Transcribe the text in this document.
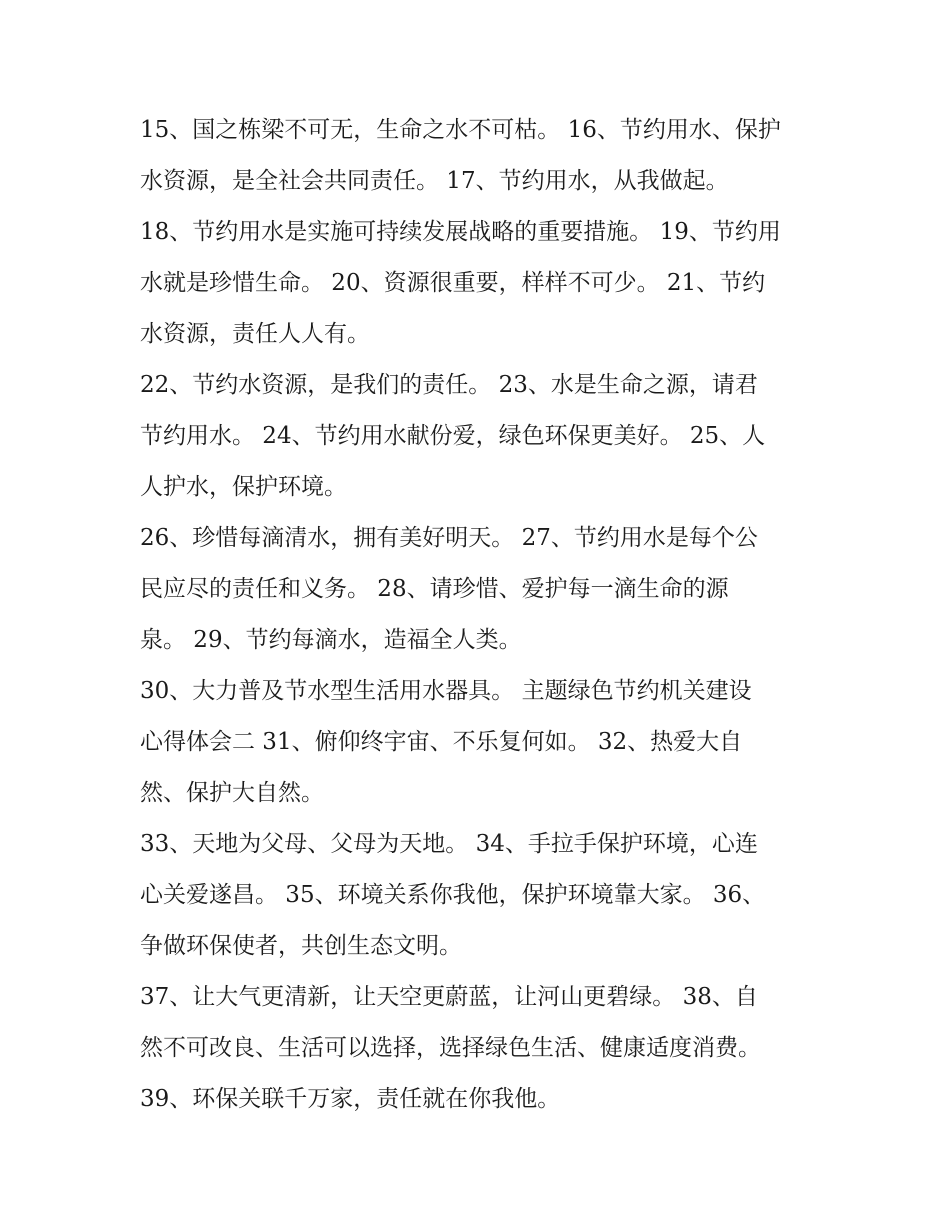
15、国之栋梁不可无，生命之水不可枯。 16、节约用水、保护
水资源，是全社会共同责任。 17、节约用水，从我做起。
18、节约用水是实施可持续发展战略的重要措施。 19、节约用
水就是珍惜生命。 20、资源很重要，样样不可少。 21、节约
水资源，责任人人有。
22、节约水资源，是我们的责任。 23、水是生命之源，请君
节约用水。 24、节约用水献份爱，绿色环保更美好。 25、人
人护水，保护环境。
26、珍惜每滴清水，拥有美好明天。 27、节约用水是每个公
民应尽的责任和义务。 28、请珍惜、爱护每一滴生命的源
泉。 29、节约每滴水，造福全人类。
30、大力普及节水型生活用水器具。 主题绿色节约机关建设
心得体会二 31、俯仰终宇宙、不乐复何如。 32、热爱大自
然、保护大自然。
33、天地为父母、父母为天地。 34、手拉手保护环境，心连
心关爱遂昌。 35、环境关系你我他，保护环境靠大家。 36、
争做环保使者，共创生态文明。
37、让大气更清新，让天空更蔚蓝，让河山更碧绿。 38、自
然不可改良、生活可以选择，选择绿色生活、健康适度消费。
39、环保关联千万家，责任就在你我他。
